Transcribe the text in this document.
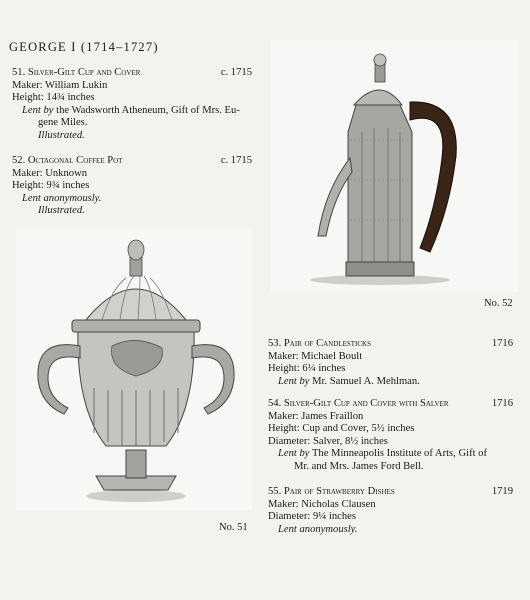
GEORGE I (1714–1727)
51. Silver-Gilt Cup and Cover	c. 1715
Maker: William Lukin
Height: 14¾ inches
Lent by the Wadsworth Atheneum, Gift of Mrs. Eu-
gene Miles.
Illustrated.
52. Octagonal Coffee Pot	c. 1715
Maker: Unknown
Height: 9¾ inches
Lent anonymously.
Illustrated.
No. 52
No. 51
53. Pair of Candlesticks	1716
Maker: Michael Boult
Height: 6¼ inches
Lent by Mr. Samuel A. Mehlman.
54. Silver-Gilt Cup and Cover with Salver	1716
Maker: James Fraillon
Height: Cup and Cover, 5½ inches
Diameter: Salver, 8½ inches
Lent by The Minneapolis Institute of Arts, Gift of
Mr. and Mrs. James Ford Bell.
55. Pair of Strawberry Dishes	1719
Maker: Nicholas Clausen
Diameter: 9¼ inches
Lent anonymously.
